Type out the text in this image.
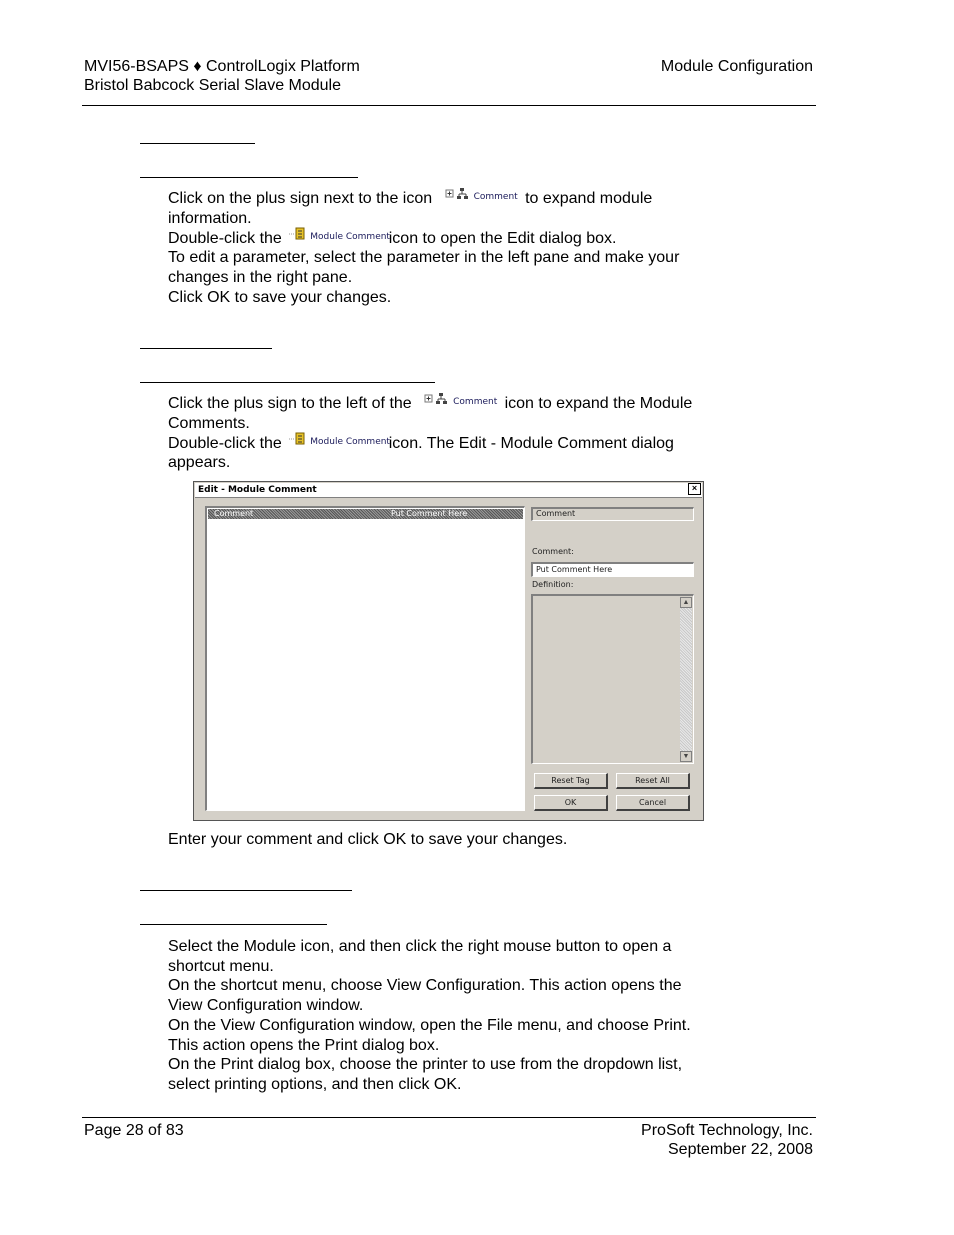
MVI56-BSAPS ♦ ControlLogix Platform
Bristol Babcock Serial Slave Module
Module Configuration

Click on the plus sign next to the icon	Comment to expand module

information.

Double-click the	Module Comment
icon to open the Edit dialog box.

To edit a parameter, select the parameter in the left pane and make your

changes in the right pane.

Click OK to save your changes.

Click the plus sign to the left of the	Comment icon to expand the Module

Comments.

Double-click the	Module Comment
icon. The Edit - Module Comment dialog

appears.

Edit - Module Comment	×
Comment	Put Comment Here	Comment
Comment:
Put Comment Here
Definition:
▲
▼
Reset Tag	Reset All
OK	Cancel

Enter your comment and click OK to save your changes.

Select the Module icon, and then click the right mouse button to open a

shortcut menu.

On the shortcut menu, choose View Configuration. This action opens the

View Configuration window.

On the View Configuration window, open the File menu, and choose Print.

This action opens the Print dialog box.

On the Print dialog box, choose the printer to use from the dropdown list,

select printing options, and then click OK.

Page 28 of 83	ProSoft Technology, Inc.
September 22, 2008
